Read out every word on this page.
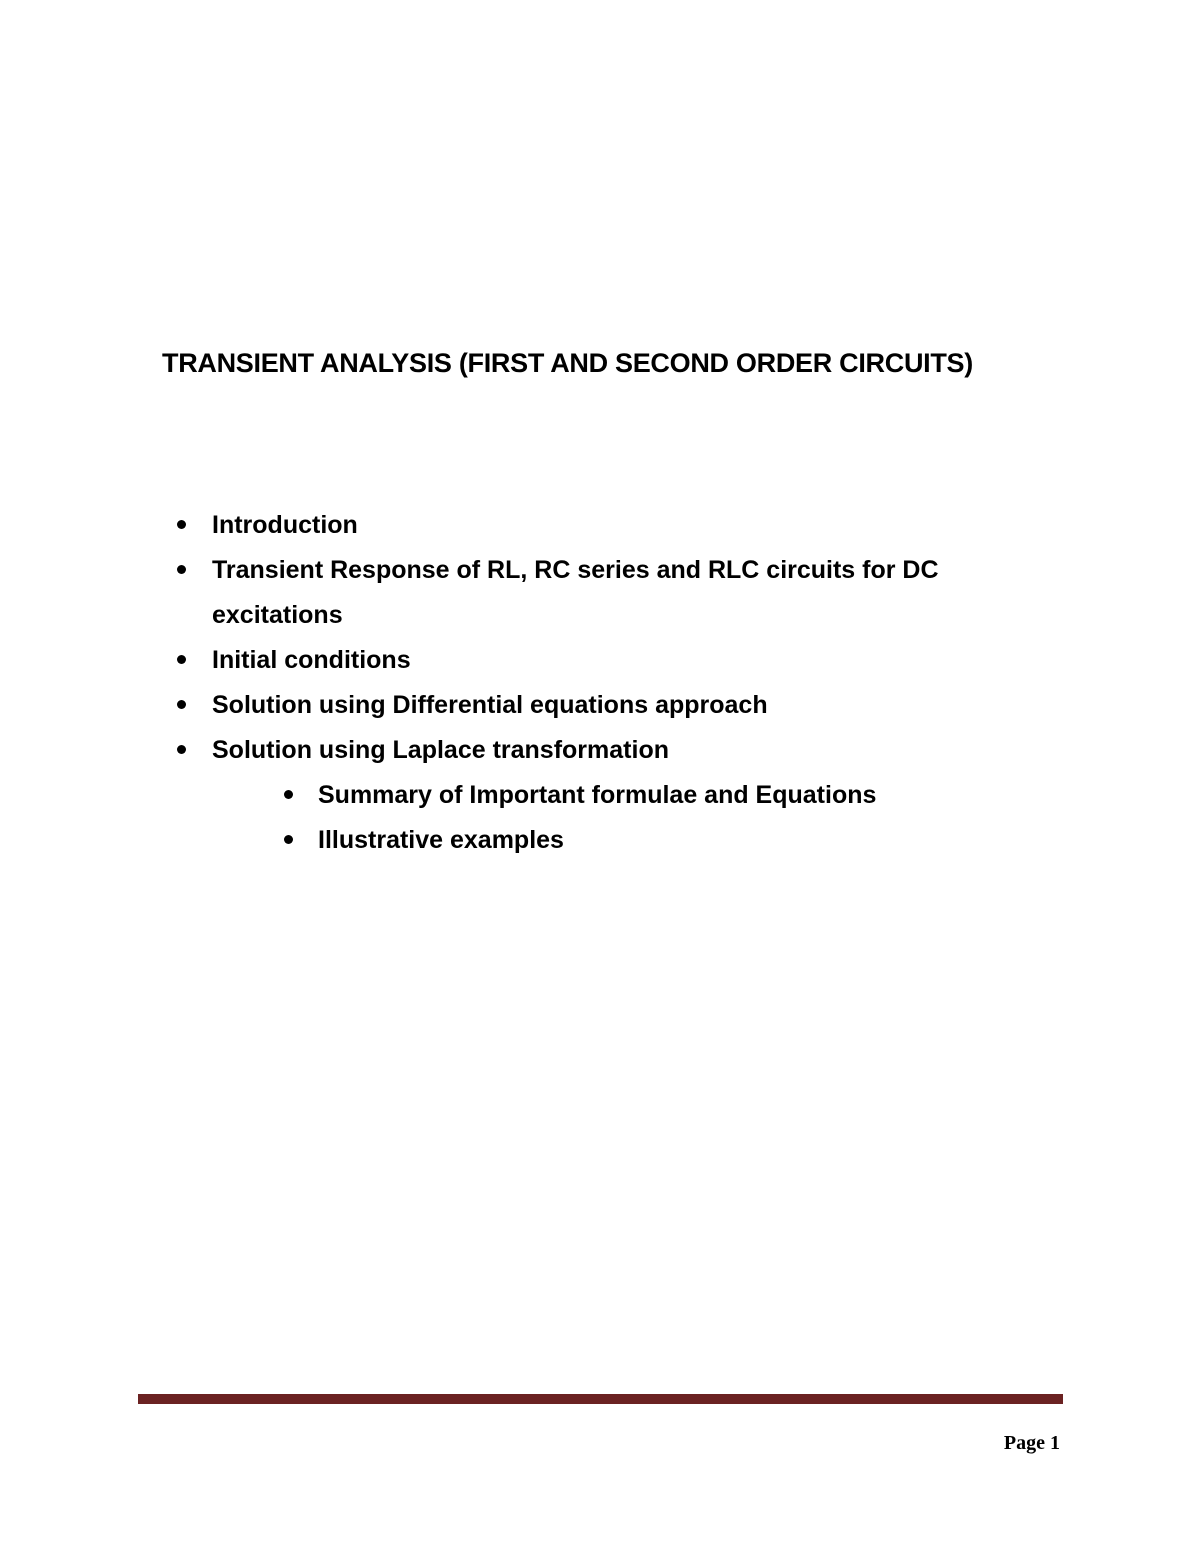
TRANSIENT ANALYSIS (FIRST AND SECOND ORDER CIRCUITS)
Introduction
Transient Response of RL, RC series and RLC circuits for DC excitations
Initial conditions
Solution using Differential equations approach
Solution using Laplace transformation
Summary of Important formulae and Equations
Illustrative examples
Page 1
